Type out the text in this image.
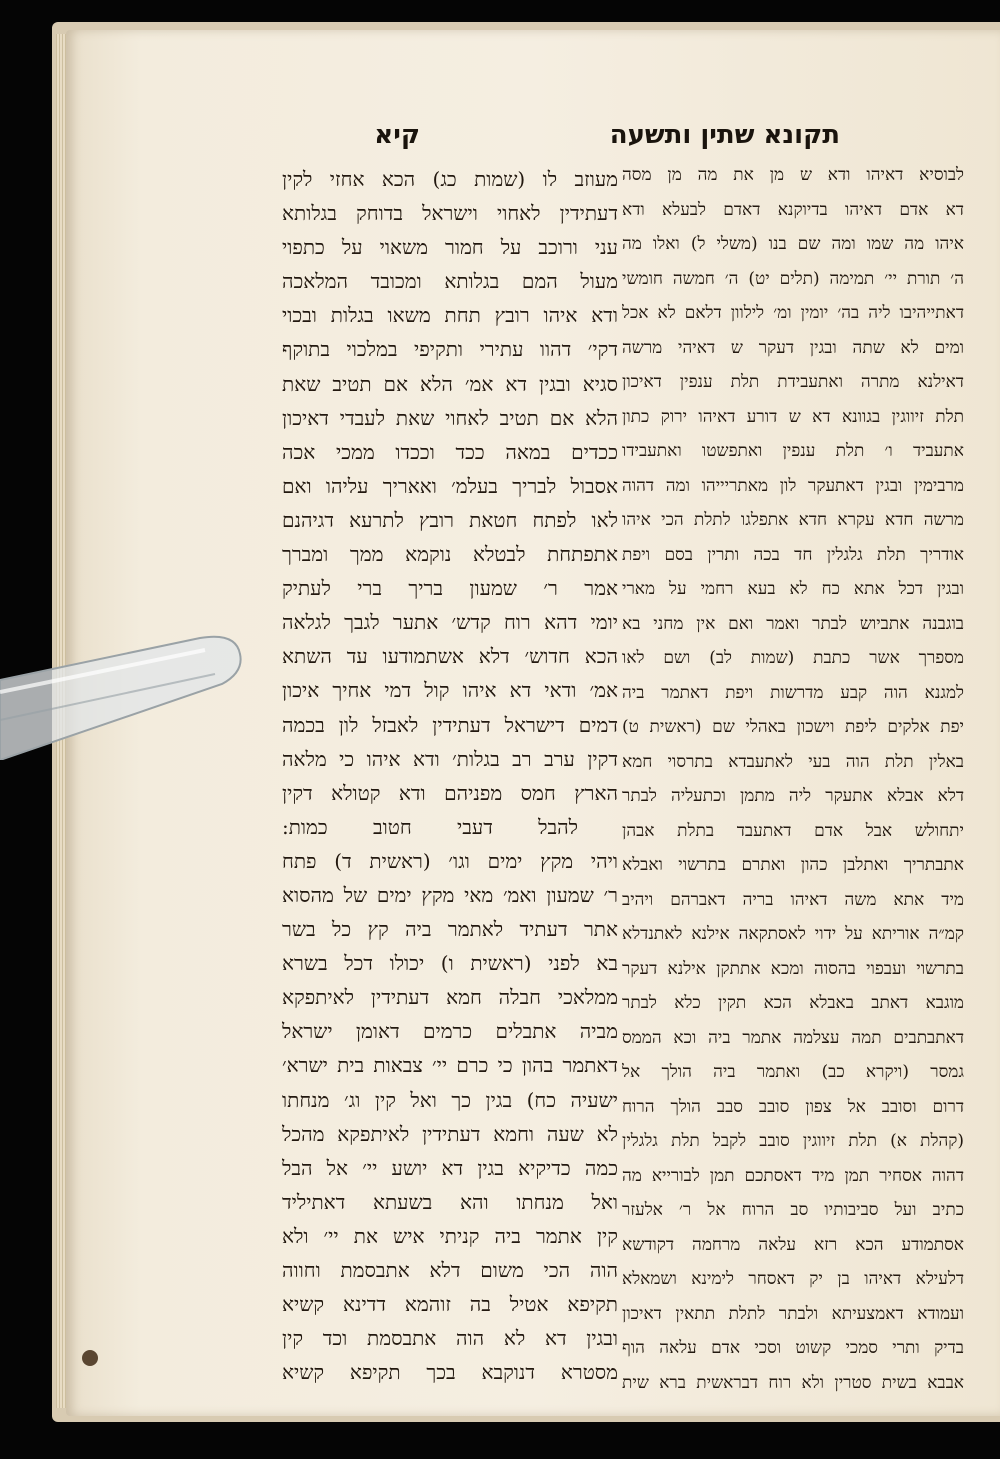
תקונא שתין ותשעה
קיא
לבוסיא דאיהו ודא ש מן את מה מן מסה
דא אדם דאיהו בדיוקנא דאדם לבעלא ודא
איהו מה שמו ומה שם בנו (משלי ל) ואלו מה
ה׳ תורת יי׳ תמימה (תלים יט) ה׳ חמשה חומשי
דאתייהיבו ליה בה׳ יומין ומ׳ לילוון דלאם לא אכל
ומים לא שתה ובגין דעקר ש דאיהי מרשה
דאילנא מתרה ואתעבידת תלת ענפין דאיכון
תלת זיווגין בגוונא דא ש דורע דאיהו ירוק כתון
אתעביד ו׳ תלת ענפין ואתפשטו ואתעבידו
מרבימין ובגין דאתעקר לון מאתריייהו ומה דהוה
מרשה חדא עקרא חדא אתפלגו לתלת הכי איהו
אודריך תלת גלגלין חד בכה ותרין בסם ויפת
ובגין דכל אתא כח לא בעא רחמי על מארי
בוגבנה אתביוש לבתר ואמר ואם אין מחני בא
מספרך אשר כתבת (שמות לב) ושם לאו
למגנא הוה קבע מדרשות ויפת דאתמר ביה
יפת אלקים ליפת וישכון באהלי שם (ראשית ט)
באלין תלת הוה בעי לאתעבדא בתרסוי חמא
דלא אבלא אתעקר ליה מתמן וכתעליה לבתר
יתחולש אבל אדם דאתעבד בתלת אבהן
אתבתריך ואתלבן כהון ואתרם בתרשוי ואבלא
מיד אתא משה דאיהו בריה דאברהם ויהיב
קמ״ה אוריתא על ידוי לאסתקאה אילנא לאתנדלא
בתרשוי ועבפוי בהסוה ומכא אתתקן אילנא דעקר
מוגבא דאתב באבלא הכא תקין כלא לבתר
דאתבתבים תמה עצלמה אתמר ביה וכא הממס
גמסר (ויקרא כב) ואתמר ביה הולך אל
דרום וסובב אל צפון סובב סבב הולך הרוח
(קהלת א) תלת זיווגין סובב לקבל תלת גלגלין
דהוה אסחיר תמן מיד דאסתכם תמן לבורייא מה
כתיב ועל סביבותיו סב הרוח אל ר׳ אלעזר
אסתמודע הכא רזא עלאה מרחמה דקודשא
דלעילא דאיהו בן יק דאסחר לימינא ושמאלא
ועמודא דאמצעיתא ולבתר לתלת תתאין דאיכון
בדיק ותרי סמכי קשוט וסכי אדם עלאה הוף
אבבא בשית סטרין ולא רוח דבראשית ברא שית
מעוזב לו (שמות כג) הכא אחזי לקין
דעתידין לאחוי וישראל בדוחק בגלותא
עני ורוכב על חמור משאוי על כתפוי
מעול המם בגלותא ומכובד המלאכה
ודא איהו רובץ תחת משאו בגלות ובכוי
דקי׳ דהוו עתירי ותקיפי במלכוי בתוקף
סגיא ובגין דא אמ׳ הלא אם תטיב שאת
הלא אם תטיב לאחוי שאת לעבדי דאיכון
ככדים במאה ככד וככדו ממכי אכה
אסבול לבריך בעלמ׳ ואאריך עליהו ואם
לאו לפתח חטאת רובץ לתרעא דגיהנם
אתפתחת לבטלא נוקמא ממך ומברך
אמר ר׳ שמעון בריך ברי לעתיק
יומי דהא רוח קדש׳ אתער לגבך לגלאה
הכא חדוש׳ דלא אשתמודעו עד השתא
אמ׳ ודאי דא איהו קול דמי אחיך איכון
דמים דישראל דעתידין לאבזל לון בכמה
דקין ערב רב בגלות׳ ודא איהו כי מלאה
הארץ חמס מפניהם ודא קטולא דקין
להבל דעבי חטוב כמות:
ויהי מקץ ימים וגו׳ (ראשית ד) פתח
ר׳ שמעון ואמ׳ מאי מקץ ימים של מהסוא
אתר דעתיד לאתמר ביה קץ כל בשר
בא לפני (ראשית ו) יכולו דכל בשרא
ממלאכי חבלה חמא דעתידין לאיתפקא
מביה אתבלים כרמים דאומן ישראל
דאתמר בהון כי כרם יי׳ צבאות בית ישרא׳
ישעיה כח) בגין כך ואל קין וג׳ מנחתו
לא שעה וחמא דעתידין לאיתפקא מהכל
כמה כדיקיא בגין דא יושע יי׳ אל הבל
ואל מנחתו והא בשעתא דאתיליד
קין אתמר ביה קניתי איש את יי׳ ולא
הוה הכי משום דלא אתבסמת וחווה
תקיפא אטיל בה זוהמא דדינא קשיא
ובגין דא לא הוה אתבסמת וכד קין
מסטרא דנוקבא בכך תקיפא קשיא
